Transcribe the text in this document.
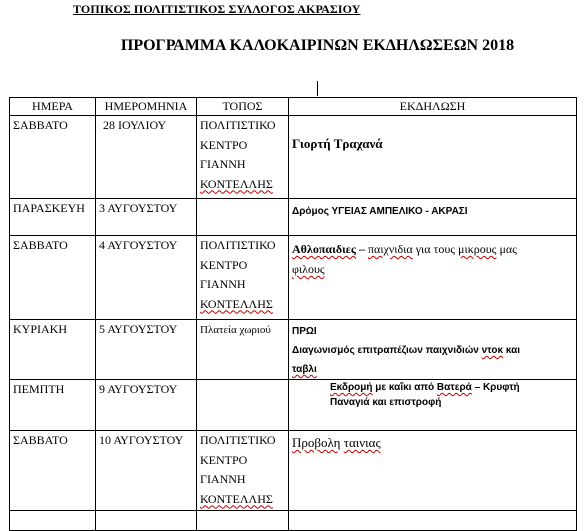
ΤΟΠΙΚΟΣ ΠΟΛΙΤΙΣΤΙΚΟΣ ΣΥΛΛΟΓΟΣ ΑΚΡΑΣΙΟΥ
ΠΡΟΓΡΑΜΜΑ ΚΑΛΟΚΑΙΡΙΝΩΝ ΕΚΔΗΛΩΣΕΩΝ 2018
ΗΜΕΡΑ	ΗΜΕΡΟΜΗΝΙΑ	ΤΟΠΟΣ	ΕΚΔΗΛΩΣΗ
ΣΑΒΒΑΤΟ	28 ΙΟΥΛΙΟΥ	ΠΟΛΙΤΙΣΤΙΚΟ
ΚΕΝΤΡΟ
ΓΙΑΝΝΗ
ΚΟΝΤΕΛΛΗΣ	Γιορτή Τραχανά

ΠΑΡΑΣΚΕΥΗ	3 ΑΥΓΟΥΣΤΟΥ		Δρόμος ΥΓΕΙΑΣ ΑΜΠΕΛΙΚΟ - ΑΚΡΑΣΙ

ΣΑΒΒΑΤΟ	4 ΑΥΓΟΥΣΤΟΥ	ΠΟΛΙΤΙΣΤΙΚΟ
ΚΕΝΤΡΟ
ΓΙΑΝΝΗ
ΚΟΝΤΕΛΛΗΣ	Αθλοπαιδιες – παιχνιδια για τους μικρους μας
φιλους

ΚΥΡΙΑΚΗ	5 ΑΥΓΟΥΣΤΟΥ	Πλατεία χωριού	ΠΡΩΙ
Διαγωνισμός επιτραπέζιων παιχνιδιών ντοκ και
ταβλι

ΠΕΜΠΤΗ	9 ΑΥΓΟΥΣΤΟΥ		Εκδρομή με καΐκι από Βατερά – Κρυφτή
Παναγιά και επιστροφή

ΣΑΒΒΑΤΟ	10 ΑΥΓΟΥΣΤΟΥ	ΠΟΛΙΤΙΣΤΙΚΟ
ΚΕΝΤΡΟ
ΓΙΑΝΝΗ
ΚΟΝΤΕΛΛΗΣ	Προβολη ταινιας
